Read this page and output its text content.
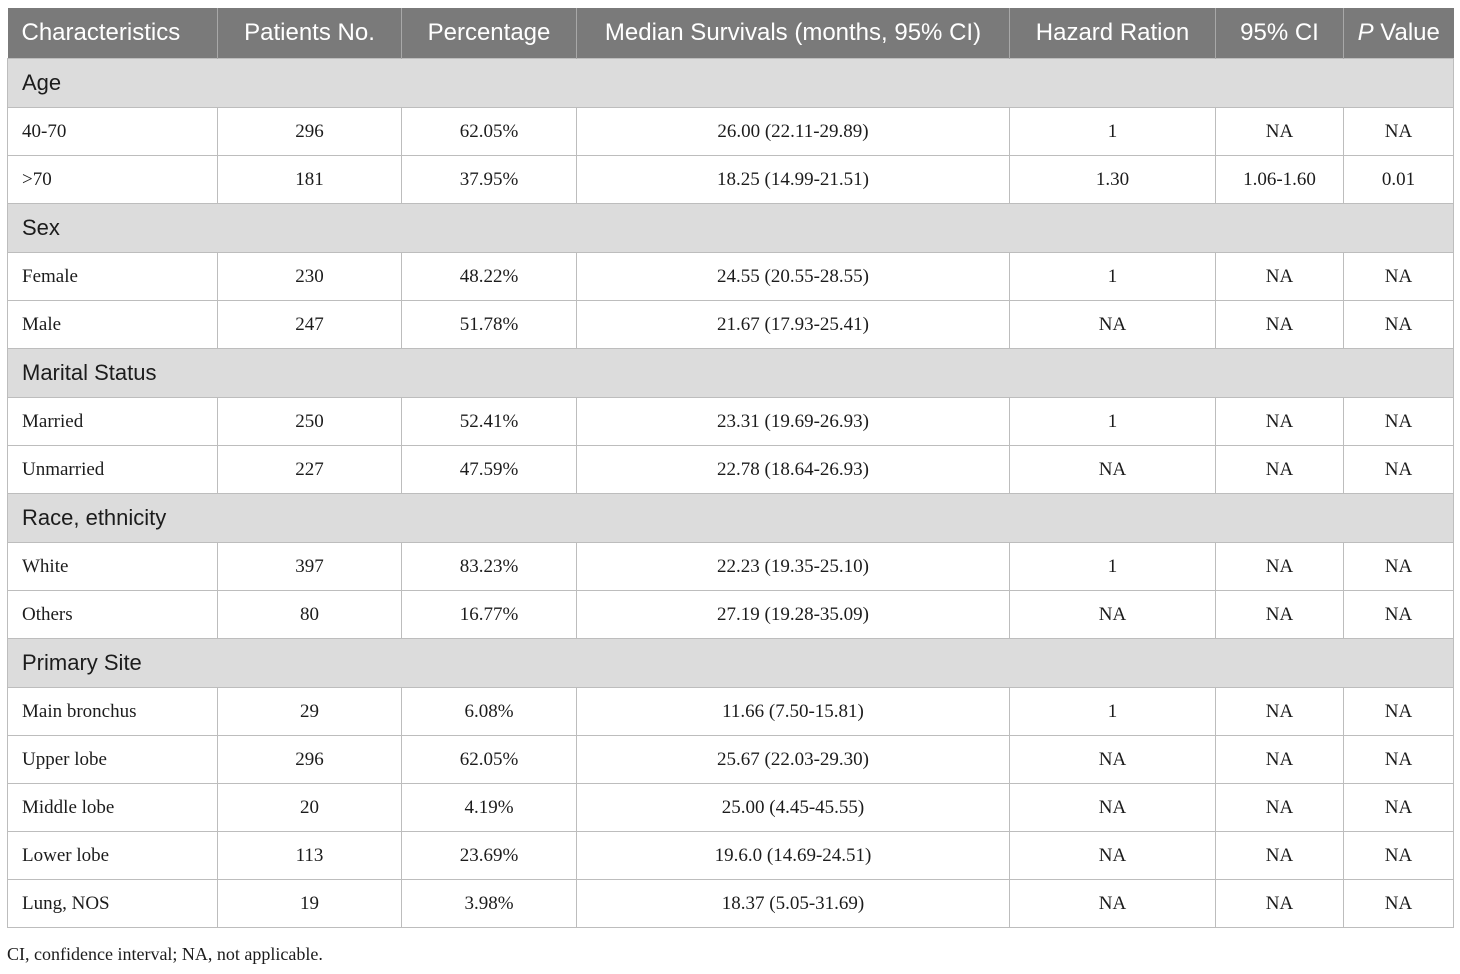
Characteristics	Patients No.	Percentage	Median Survivals (months, 95% CI)	Hazard Ration	95% CI	P Value
Age						
40-70	296	62.05%	26.00 (22.11-29.89)	1	NA	NA
>70	181	37.95%	18.25 (14.99-21.51)	1.30	1.06-1.60	0.01
Sex						
Female	230	48.22%	24.55 (20.55-28.55)	1	NA	NA
Male	247	51.78%	21.67 (17.93-25.41)	NA	NA	NA
Marital Status						
Married	250	52.41%	23.31 (19.69-26.93)	1	NA	NA
Unmarried	227	47.59%	22.78 (18.64-26.93)	NA	NA	NA
Race, ethnicity						
White	397	83.23%	22.23 (19.35-25.10)	1	NA	NA
Others	80	16.77%	27.19 (19.28-35.09)	NA	NA	NA
Primary Site						
Main bronchus	29	6.08%	11.66 (7.50-15.81)	1	NA	NA
Upper lobe	296	62.05%	25.67 (22.03-29.30)	NA	NA	NA
Middle lobe	20	4.19%	25.00 (4.45-45.55)	NA	NA	NA
Lower lobe	113	23.69%	19.6.0 (14.69-24.51)	NA	NA	NA
Lung, NOS	19	3.98%	18.37 (5.05-31.69)	NA	NA	NA
CI, confidence interval; NA, not applicable.
